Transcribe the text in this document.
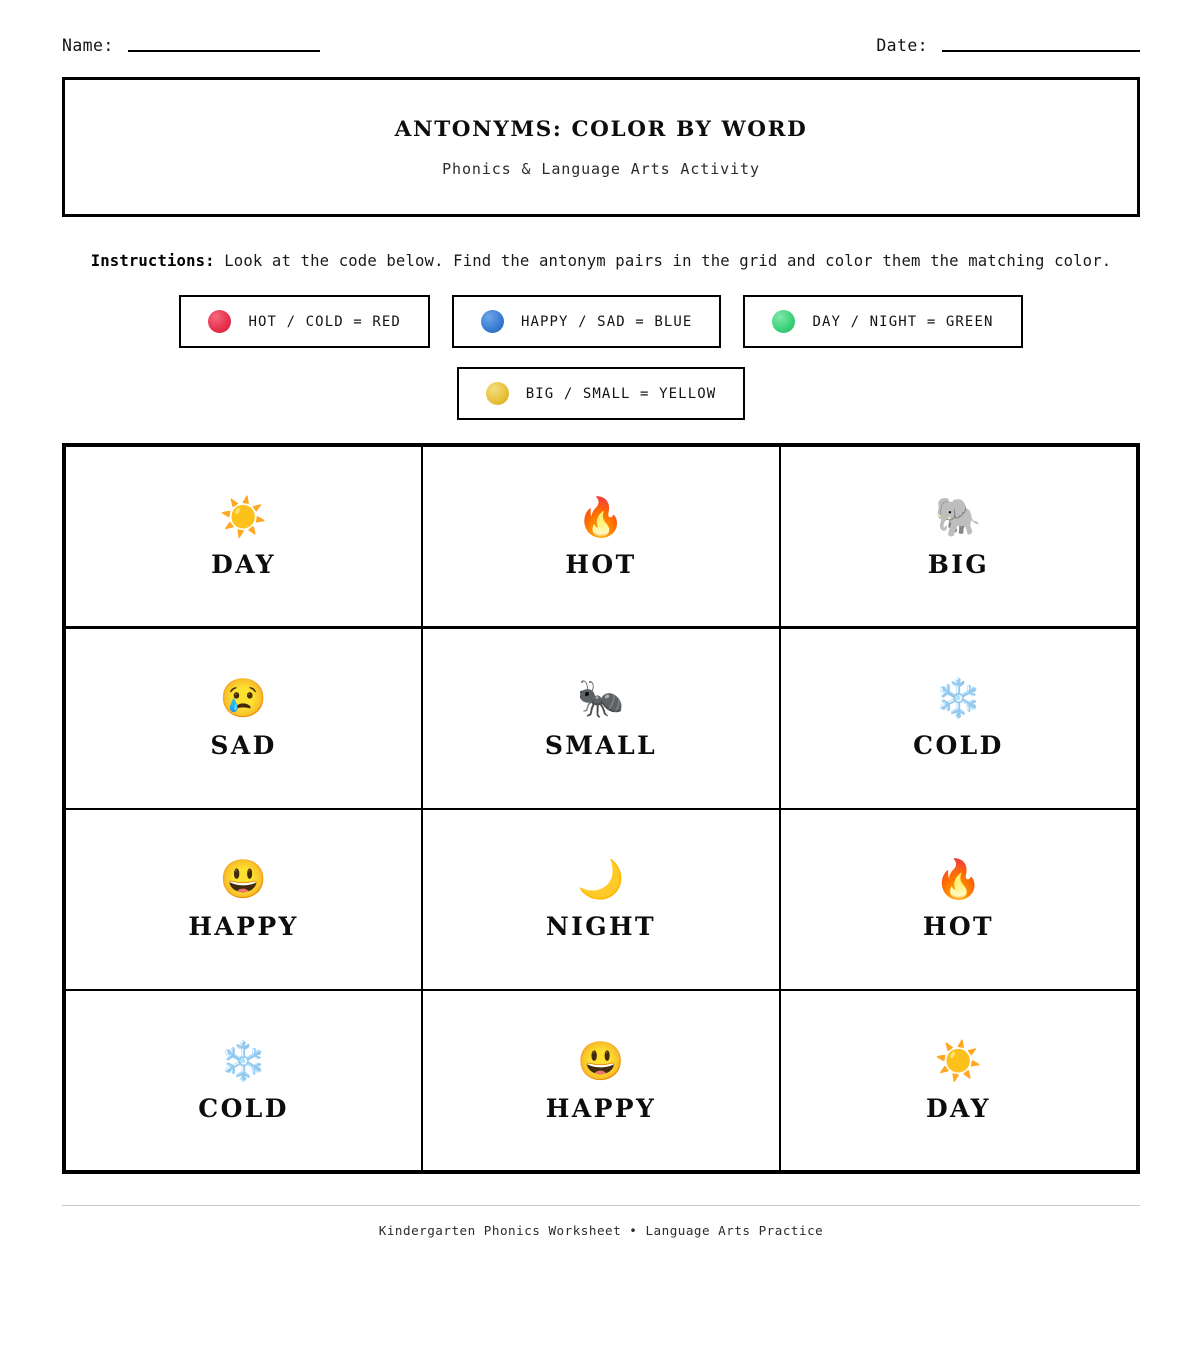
Name:	Date:
ANTONYMS: COLOR BY WORD
Phonics & Language Arts Activity
Instructions: Look at the code below. Find the antonym pairs in the grid and color them the matching color.
HOT / COLD = RED	HAPPY / SAD = BLUE	DAY / NIGHT = GREEN
BIG / SMALL = YELLOW
☀️
DAY
🔥
HOT
🐘
BIG
😢
SAD
🐜
SMALL
❄️
COLD
😃
HAPPY
🌙
NIGHT
🔥
HOT
❄️
COLD
😃
HAPPY
☀️
DAY
Kindergarten Phonics Worksheet • Language Arts Practice
